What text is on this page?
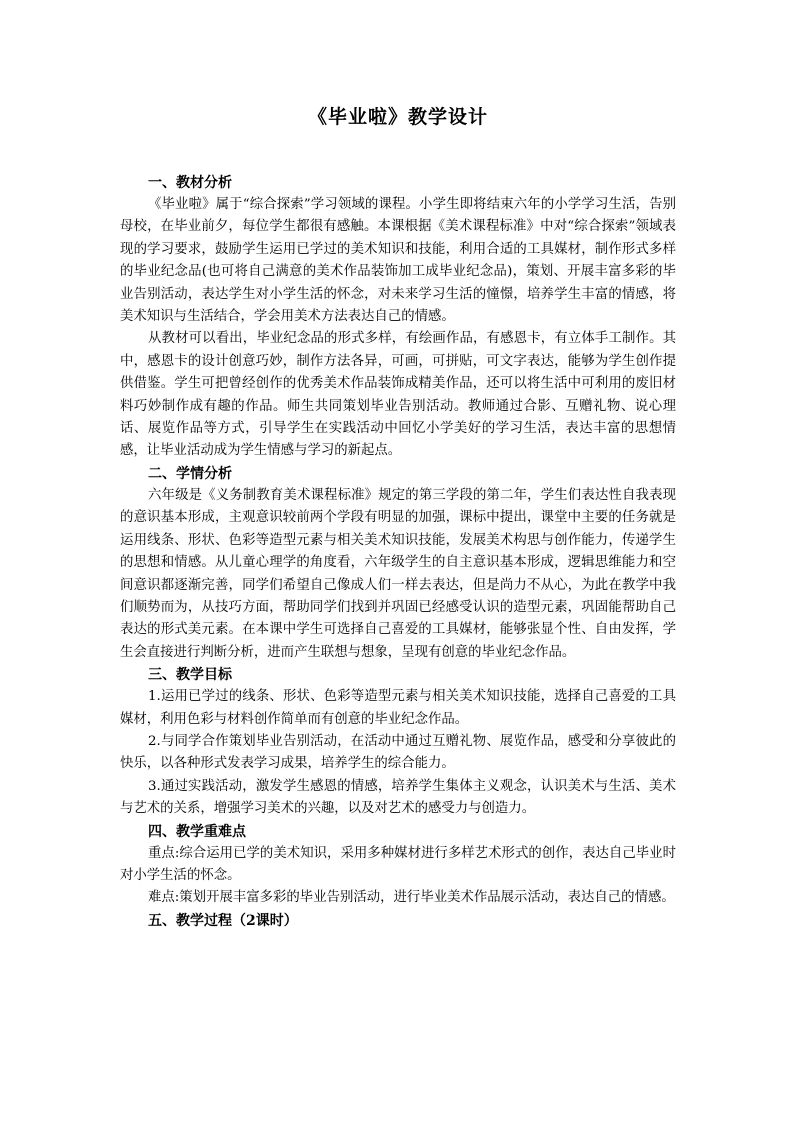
《毕业啦》教学设计
一、教材分析

《毕业啦》属于“综合探索”学习领域的课程。小学生即将结束六年的小学学习生活，告别母校，在毕业前夕，每位学生都很有感触。本课根据《美术课程标准》中对“综合探索”领域表现的学习要求，鼓励学生运用已学过的美术知识和技能，利用合适的工具媒材，制作形式多样的毕业纪念品(也可将自己满意的美术作品装饰加工成毕业纪念品)，策划、开展丰富多彩的毕业告别活动，表达学生对小学生活的怀念，对未来学习生活的憧憬，培养学生丰富的情感，将美术知识与生活结合，学会用美术方法表达自己的情感。

从教材可以看出，毕业纪念品的形式多样，有绘画作品，有感恩卡，有立体手工制作。其中，感恩卡的设计创意巧妙，制作方法各异，可画，可拼贴，可文字表达，能够为学生创作提供借鉴。学生可把曾经创作的优秀美术作品装饰成精美作品，还可以将生活中可利用的废旧材料巧妙制作成有趣的作品。师生共同策划毕业告别活动。教师通过合影、互赠礼物、说心理话、展览作品等方式，引导学生在实践活动中回忆小学美好的学习生活，表达丰富的思想情感，让毕业活动成为学生情感与学习的新起点。

二、学情分析

六年级是《义务制教育美术课程标准》规定的第三学段的第二年，学生们表达性自我表现的意识基本形成，主观意识较前两个学段有明显的加强，课标中提出，课堂中主要的任务就是运用线条、形状、色彩等造型元素与相关美术知识技能，发展美术构思与创作能力，传递学生的思想和情感。从儿童心理学的角度看，六年级学生的自主意识基本形成，逻辑思维能力和空间意识都逐渐完善，同学们希望自己像成人们一样去表达，但是尚力不从心，为此在教学中我们顺势而为，从技巧方面，帮助同学们找到并巩固已经感受认识的造型元素，巩固能帮助自己表达的形式美元素。在本课中学生可选择自己喜爱的工具媒材，能够张显个性、自由发挥，学生会直接进行判断分析，进而产生联想与想象，呈现有创意的毕业纪念作品。

三、教学目标

1.运用已学过的线条、形状、色彩等造型元素与相关美术知识技能，选择自己喜爱的工具媒材，利用色彩与材料创作简单而有创意的毕业纪念作品。

2.与同学合作策划毕业告别活动，在活动中通过互赠礼物、展览作品，感受和分享彼此的快乐，以各种形式发表学习成果，培养学生的综合能力。

3.通过实践活动，激发学生感恩的情感，培养学生集体主义观念，认识美术与生活、美术与艺术的关系，增强学习美术的兴趣，以及对艺术的感受力与创造力。

四、教学重难点

重点:综合运用已学的美术知识，采用多种媒材进行多样艺术形式的创作，表达自己毕业时对小学生活的怀念。

难点:策划开展丰富多彩的毕业告别活动，进行毕业美术作品展示活动，表达自己的情感。

五、教学过程（2课时）
